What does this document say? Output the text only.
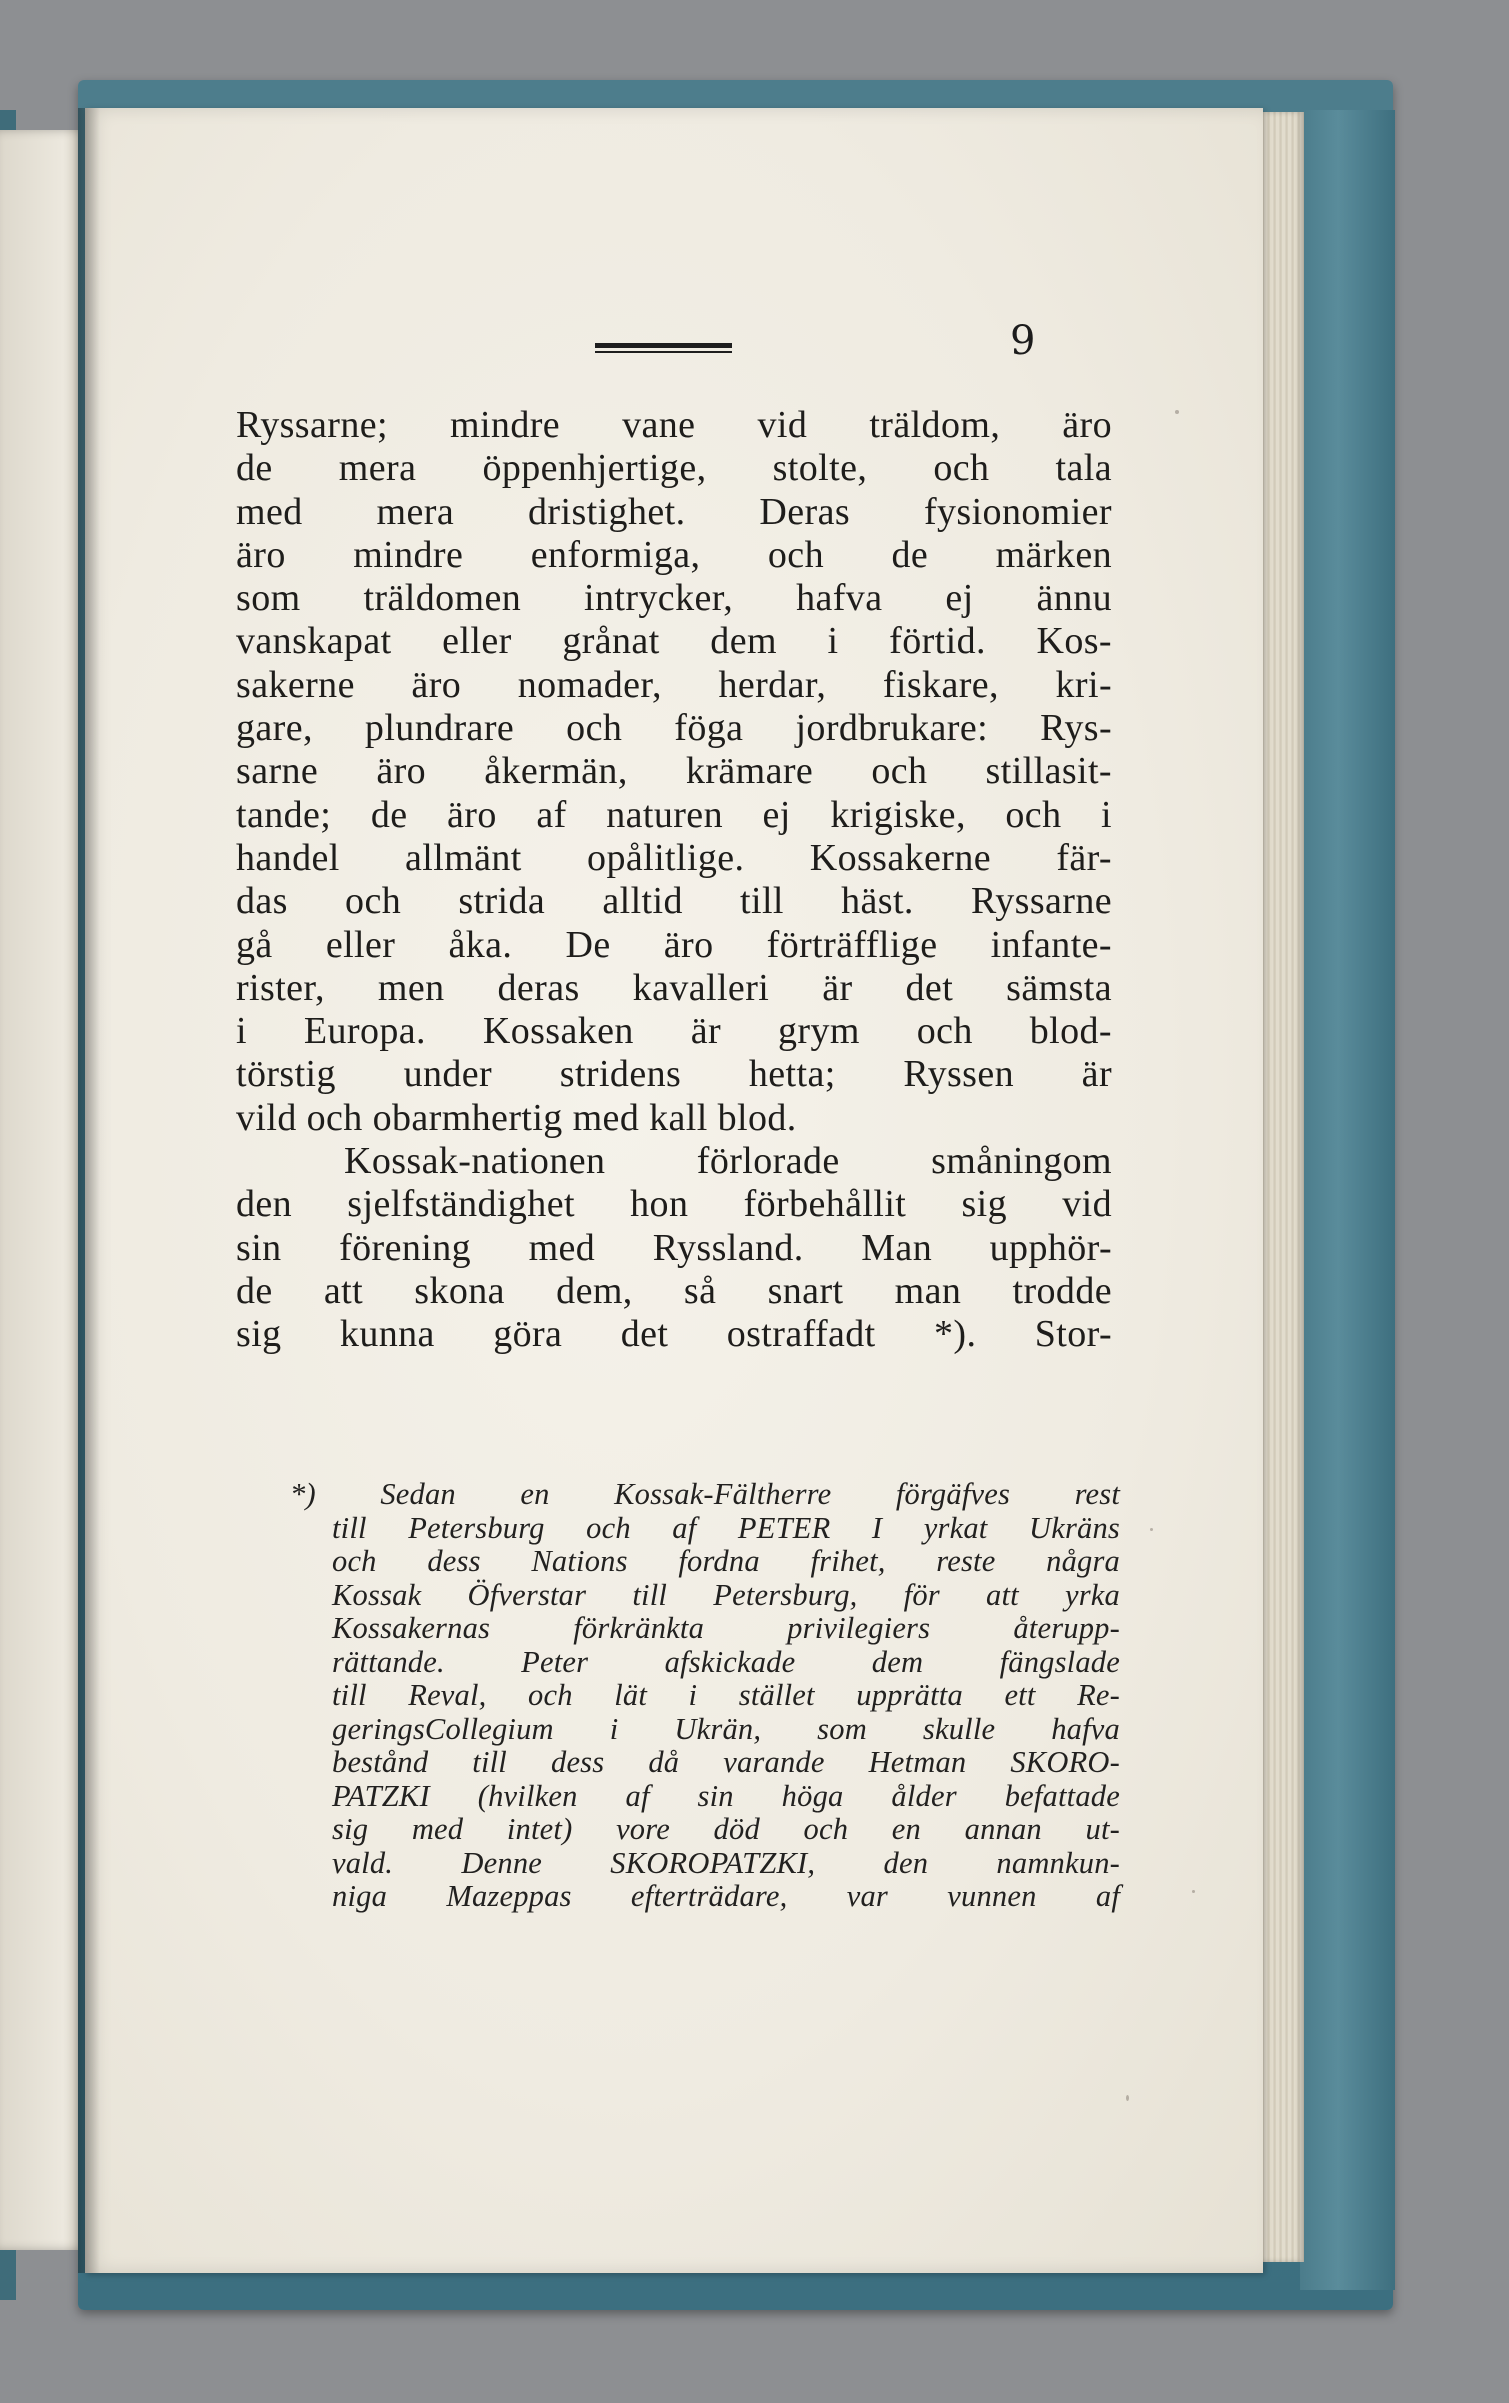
9
Ryssarne; mindre vane vid träldom, äro
de mera öppenhjertige, stolte, och tala
med mera dristighet. Deras fysionomier
äro mindre enformiga, och de märken
som träldomen intrycker, hafva ej ännu
vanskapat eller grånat dem i förtid. Kos-
sakerne äro nomader, herdar, fiskare, kri-
gare, plundrare och föga jordbrukare: Rys-
sarne äro åkermän, krämare och stillasit-
tande; de äro af naturen ej krigiske, och i
handel allmänt opålitlige. Kossakerne fär-
das och strida alltid till häst. Ryssarne
gå eller åka. De äro förträfflige infante-
rister, men deras kavalleri är det sämsta
i Europa. Kossaken är grym och blod-
törstig under stridens hetta; Ryssen är
vild och obarmhertig med kall blod.
Kossak-nationen förlorade småningom
den sjelfständighet hon förbehållit sig vid
sin förening med Ryssland. Man upphör-
de att skona dem, så snart man trodde
sig kunna göra det ostraffadt *). Stor-
*) Sedan en Kossak-Fältherre förgäfves rest
till Petersburg och af PETER I yrkat Ukräns
och dess Nations fordna frihet, reste några
Kossak Öfverstar till Petersburg, för att yrka
Kossakernas förkränkta privilegiers återupp-
rättande. Peter afskickade dem fängslade
till Reval, och lät i stället upprätta ett Re-
geringsCollegium i Ukrän, som skulle hafva
bestånd till dess då varande Hetman SKORO-
PATZKI (hvilken af sin höga ålder befattade
sig med intet) vore död och en annan ut-
vald. Denne SKOROPATZKI, den namnkun-
niga Mazeppas efterträdare, var vunnen af
